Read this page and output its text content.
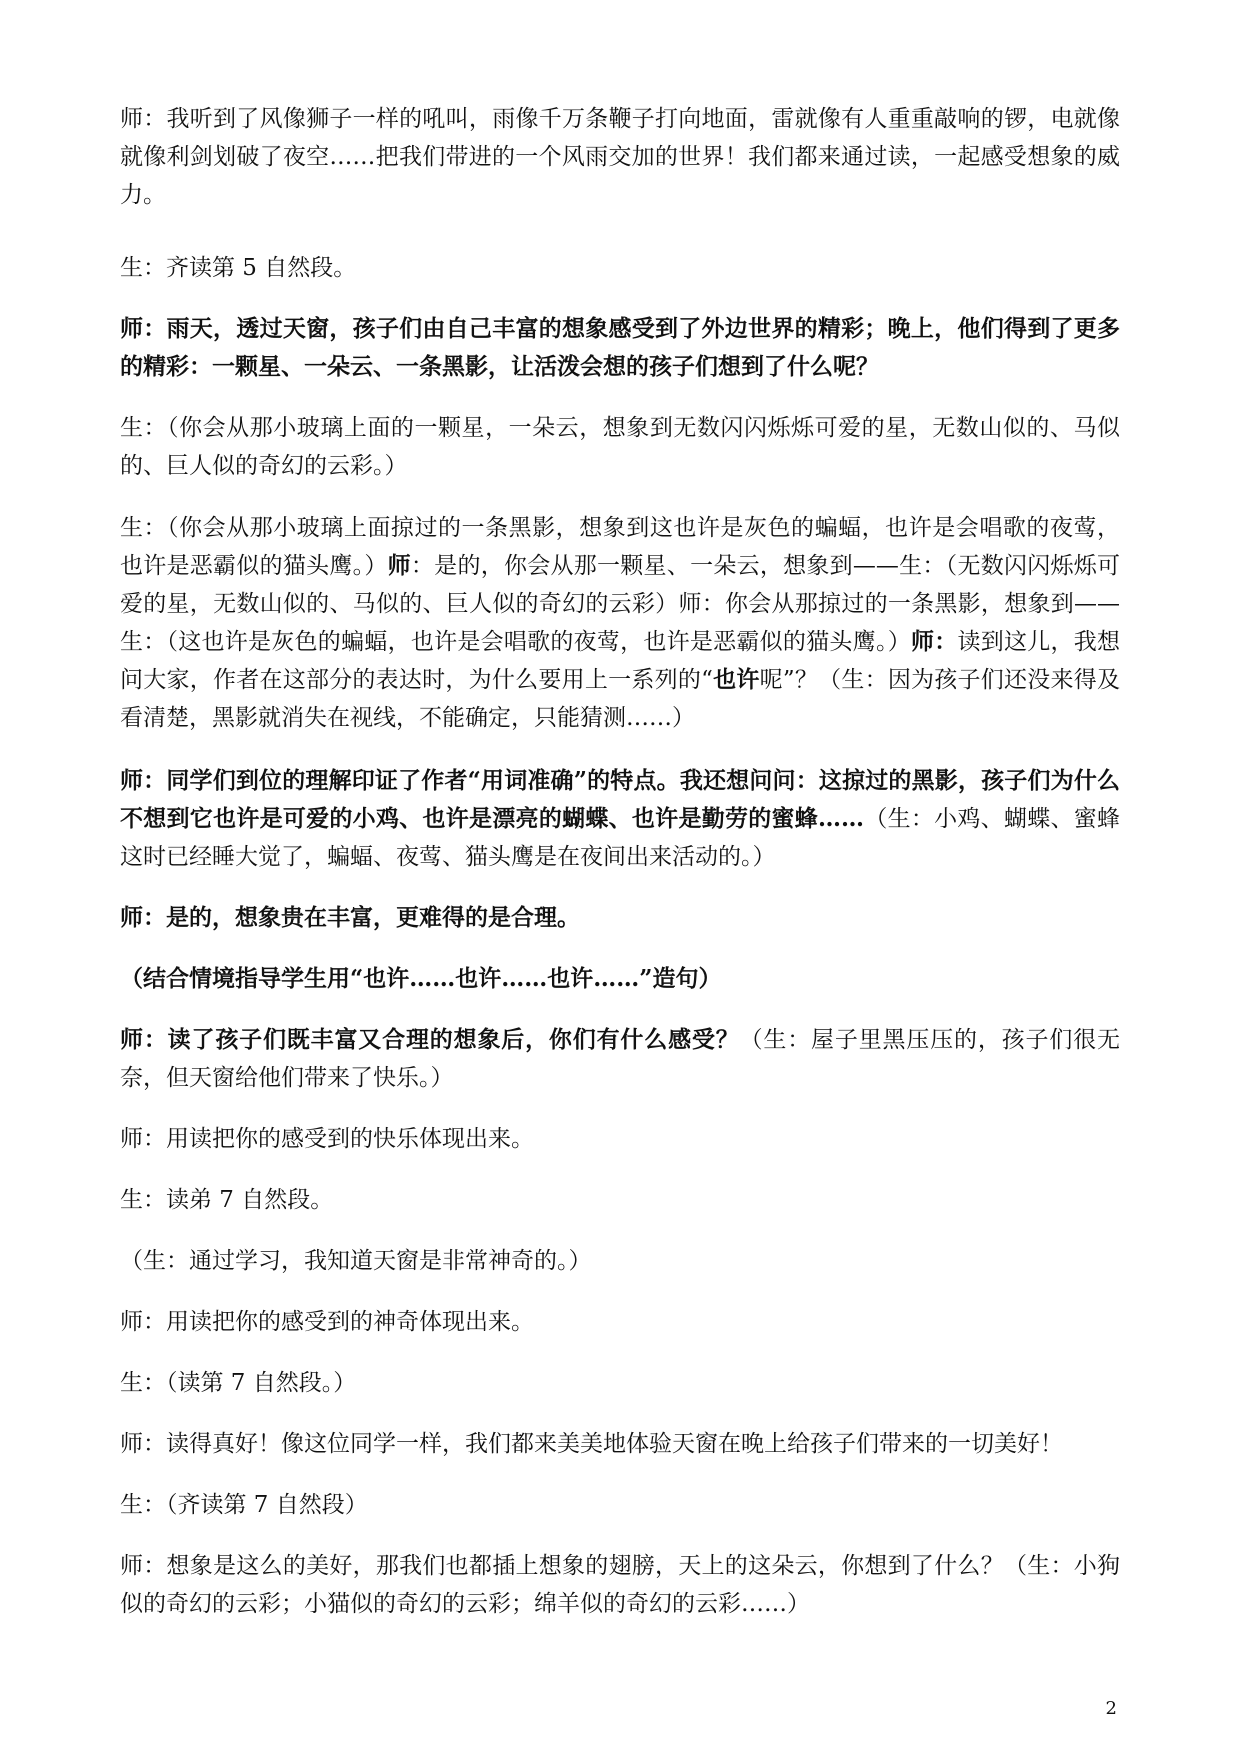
师：我听到了风像狮子一样的吼叫，雨像千万条鞭子打向地面，雷就像有人重重敲响的锣，电就像就像利剑划破了夜空……把我们带进的一个风雨交加的世界！我们都来通过读，一起感受想象的威力。

生：齐读第 5 自然段。

师：雨天，透过天窗，孩子们由自己丰富的想象感受到了外边世界的精彩；晚上，他们得到了更多的精彩：一颗星、一朵云、一条黑影，让活泼会想的孩子们想到了什么呢？

生：（你会从那小玻璃上面的一颗星，一朵云，想象到无数闪闪烁烁可爱的星，无数山似的、马似的、巨人似的奇幻的云彩。）

生：（你会从那小玻璃上面掠过的一条黑影，想象到这也许是灰色的蝙蝠，也许是会唱歌的夜莺，也许是恶霸似的猫头鹰。）师：是的，你会从那一颗星、一朵云，想象到——生：（无数闪闪烁烁可爱的星，无数山似的、马似的、巨人似的奇幻的云彩）师：你会从那掠过的一条黑影，想象到——生：（这也许是灰色的蝙蝠，也许是会唱歌的夜莺，也许是恶霸似的猫头鹰。）师：读到这儿，我想问大家，作者在这部分的表达时，为什么要用上一系列的“也许呢”？（生：因为孩子们还没来得及看清楚，黑影就消失在视线，不能确定，只能猜测……）

师：同学们到位的理解印证了作者“用词准确”的特点。我还想问问：这掠过的黑影，孩子们为什么不想到它也许是可爱的小鸡、也许是漂亮的蝴蝶、也许是勤劳的蜜蜂……（生：小鸡、蝴蝶、蜜蜂这时已经睡大觉了，蝙蝠、夜莺、猫头鹰是在夜间出来活动的。）

师：是的，想象贵在丰富，更难得的是合理。

（结合情境指导学生用“也许……也许……也许……”造句）

师：读了孩子们既丰富又合理的想象后，你们有什么感受？（生：屋子里黑压压的，孩子们很无奈，但天窗给他们带来了快乐。）

师：用读把你的感受到的快乐体现出来。

生：读弟 7 自然段。

（生：通过学习，我知道天窗是非常神奇的。）

师：用读把你的感受到的神奇体现出来。

生：（读第 7 自然段。）

师：读得真好！像这位同学一样，我们都来美美地体验天窗在晚上给孩子们带来的一切美好！

生：（齐读第 7 自然段）

师：想象是这么的美好，那我们也都插上想象的翅膀，天上的这朵云，你想到了什么？（生：小狗似的奇幻的云彩；小猫似的奇幻的云彩；绵羊似的奇幻的云彩……）

2
